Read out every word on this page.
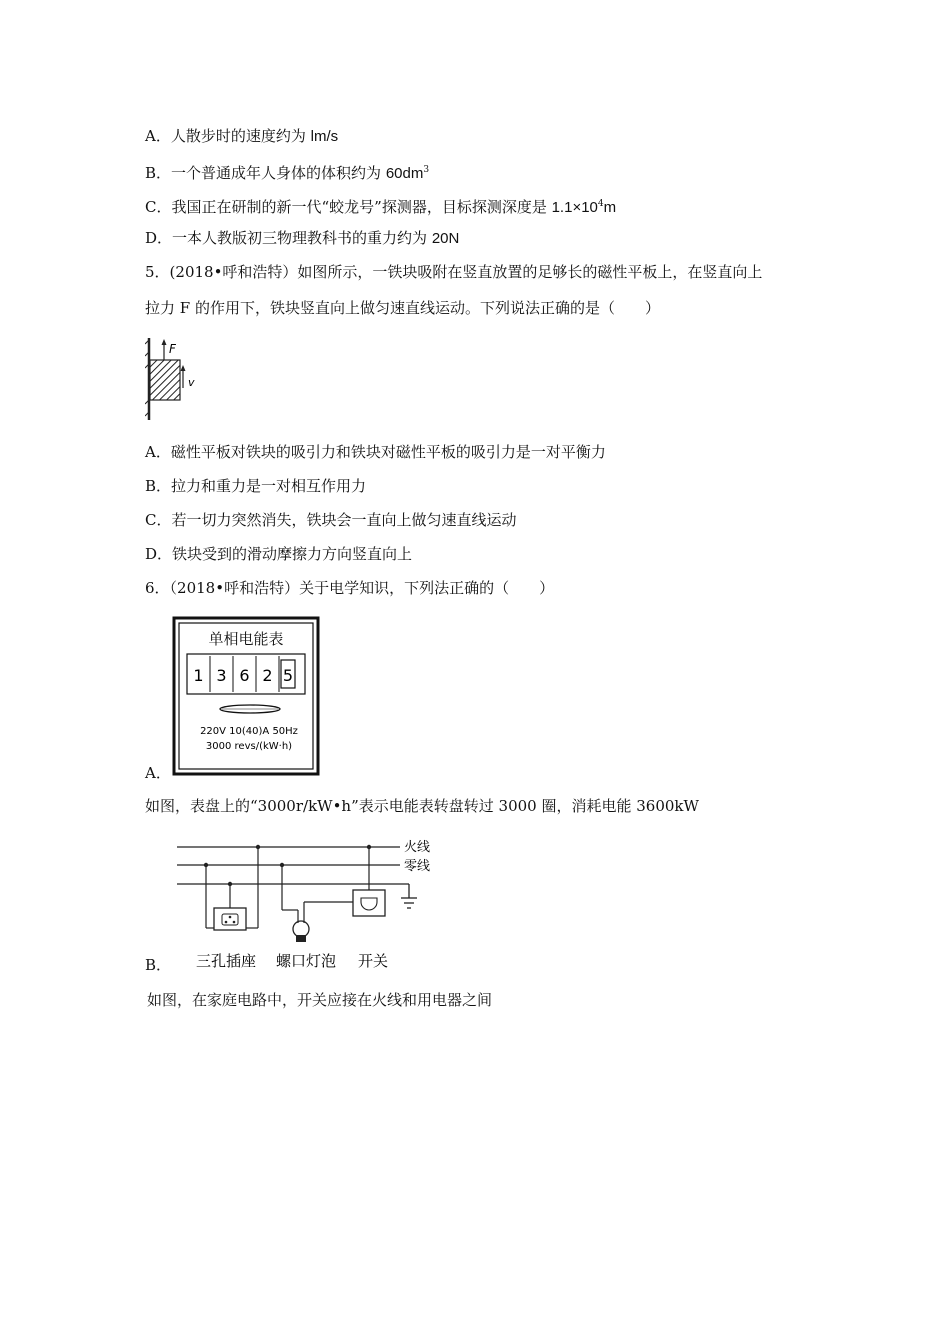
A．人散步时的速度约为 lm/s
B．一个普通成年人身体的体积约为 $60dm^3$
C．我国正在研制的新一代“蛟龙号”探测器，目标探测深度是 $1.1\times 10^4m$
D．一本人教版初三物理教科书的重力约为 20N
5．(2018•呼和浩特）如图所示，一铁块吸附在竖直放置的足够长的磁性平板上，在竖直向上
拉力 F 的作用下，铁块竖直向上做匀速直线运动。下列说法正确的是（　　）
F
v
A．磁性平板对铁块的吸引力和铁块对磁性平板的吸引力是一对平衡力
B．拉力和重力是一对相互作用力
C．若一切力突然消失，铁块会一直向上做匀速直线运动
D．铁块受到的滑动摩擦力方向竖直向上
6．（2018•呼和浩特）关于电学知识，下列法正确的（　　）
单相电能表
1 3 6 2 5
220V 10(40)A 50Hz
3000 revs/(kW·h)
A．
如图，表盘上的“3000r/kW•h”表示电能表转盘转过 3000 圈，消耗电能 3600kW
火线
零线
三孔插座 螺口灯泡 开关
B．
如图，在家庭电路中，开关应接在火线和用电器之间
